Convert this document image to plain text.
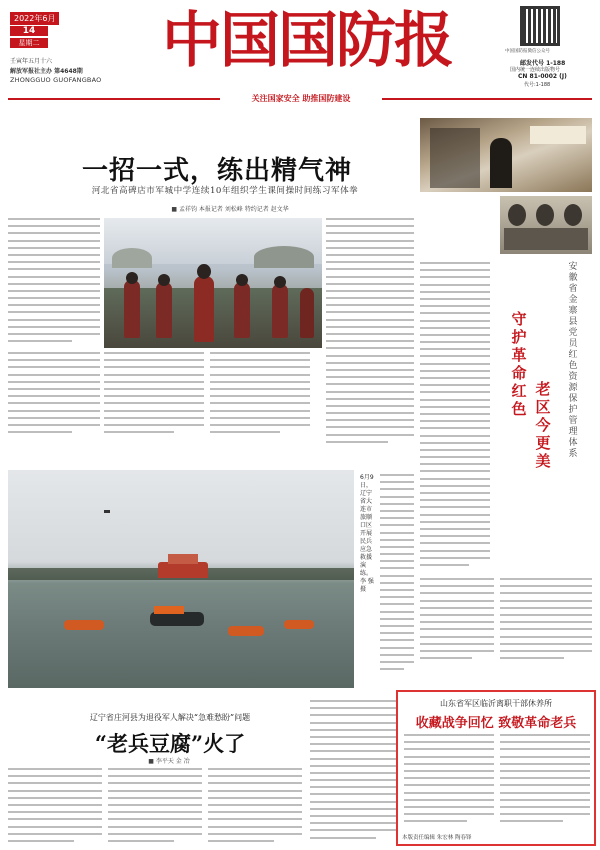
2022年6月
14
星期二
壬寅年五月十六
解放军报社主办 第4648期
ZHONGGUO GUOFANGBAO
中国国防报	中国国防报微信公众号
邮发代号 1-188
国内统一连续出版物号
CN 81-0002 (J)
代号:1-188
关注国家安全 助推国防建设
一招一式，练出精气神
河北省高碑店市军城中学连续10年组织学生课间操时间练习军体拳
■ 孟祥钧 本报记者 刘松峰 特约记者 赵文华
守护革命红色
老区今更美
安徽省金寨县党员红色资源保护管理体系
6月9日，辽宁省大连市旅顺口区开展民兵应急救援演练。李 强摄
辽宁省庄河县为退役军人解决“急难愁盼”问题
“老兵豆腐”火了
■ 李平天 金 冶
山东省军区临沂离职干部休养所
收藏战争回忆 致敬革命老兵
本版责任编辑 朱宏林 陶春锋
